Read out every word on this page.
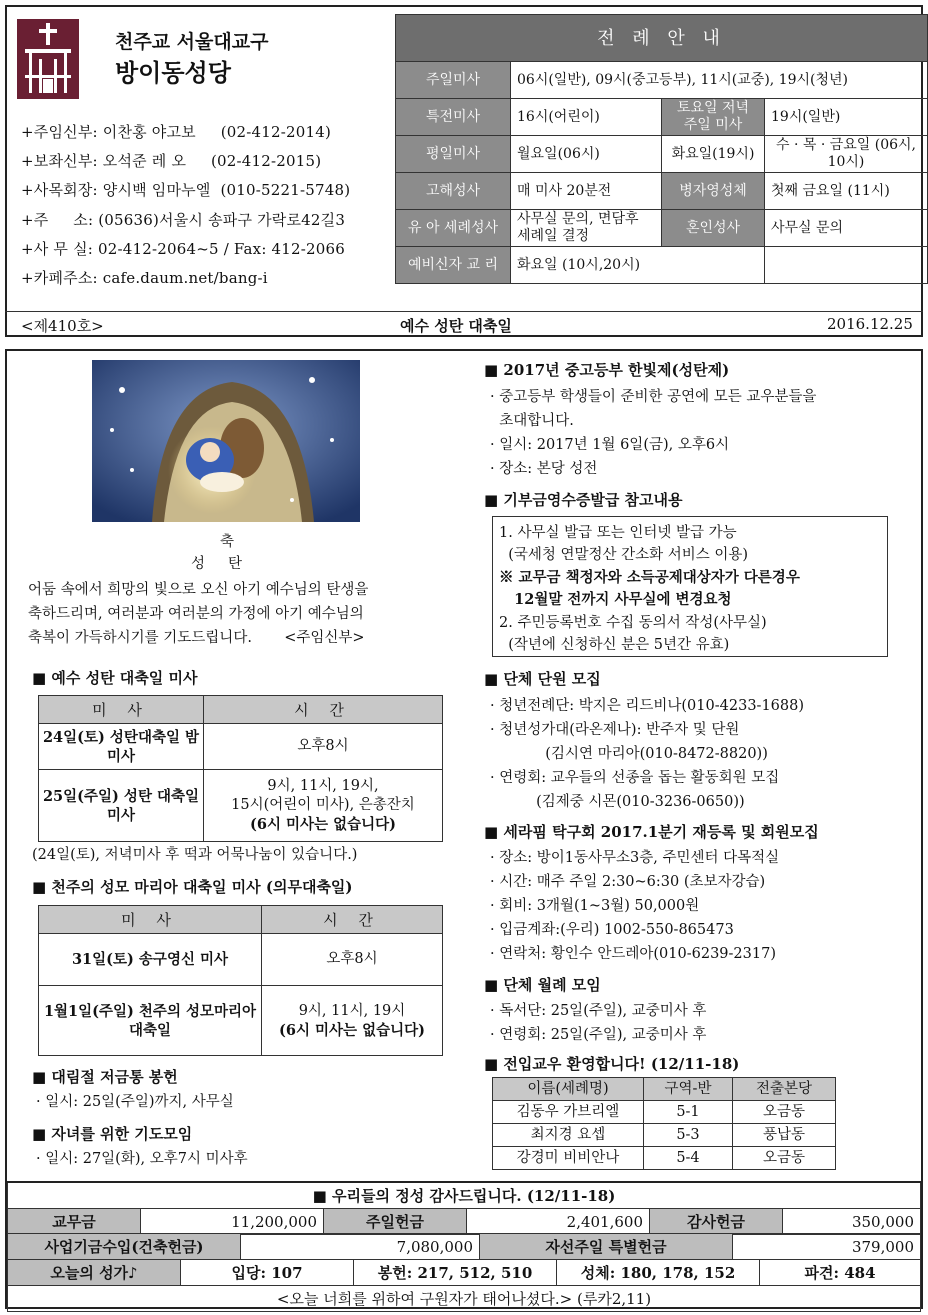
천주교 서울대교구
방이동성당
+주임신부: 이찬홍 야고보     (02-412-2014)
+보좌신부: 오석준 레 오     (02-412-2015)
+사목회장: 양시백 임마누엘  (010-5221-5748)
+주     소: (05636)서울시 송파구 가락로42길3
+사 무 실: 02-412-2064~5 / Fax: 412-2066
+카페주소: cafe.daum.net/bang-i
전 례 안 내			
주일미사	06시(일반), 09시(중고등부), 11시(교중), 19시(청년)		
특전미사	16시(어린이)	토요일 저녁 주일 미사	19시(일반)
평일미사	월요일(06시)	화요일(19시)	수 · 목 · 금요일 (06시, 10시)
고해성사	매 미사 20분전	병자영성체	첫째 금요일 (11시)
유 아 세례성사	사무실 문의, 면담후 세례일 결정	혼인성사	사무실 문의
예비신자 교 리	화요일 (10시,20시)		
<제410호>	예수 성탄 대축일	2016.12.25
축
성     탄
어둠 속에서 희망의 빛으로 오신 아기 예수님의 탄생을
축하드리며, 여러분과 여러분의 가정에 아기 예수님의
축복이 가득하시기를 기도드립니다.       <주임신부>
■ 예수 성탄 대축일 미사
미 사	시 간
24일(토) 성탄대축일 밤미사	오후8시
25일(주일) 성탄 대축일 미사	9시, 11시, 19시,
15시(어린이 미사), 은총잔치
(6시 미사는 없습니다)
(24일(토), 저녁미사 후 떡과 어묵나눔이 있습니다.)
■ 천주의 성모 마리아 대축일 미사 (의무대축일)
미 사	시 간
31일(토) 송구영신 미사	오후8시
1월1일(주일) 천주의 성모마리아 대축일	9시, 11시, 19시
(6시 미사는 없습니다)
■ 대림절 저금통 봉헌
· 일시: 25일(주일)까지, 사무실
■ 자녀를 위한 기도모임
· 일시: 27일(화), 오후7시 미사후
■ 2017년 중고등부 한빛제(성탄제)
· 중고등부 학생들이 준비한 공연에 모든 교우분들을
초대합니다.
· 일시: 2017년 1월 6일(금), 오후6시
· 장소: 본당 성전
■ 기부금영수증발급 참고내용
1. 사무실 발급 또는 인터넷 발급 가능
(국세청 연말정산 간소화 서비스 이용)
※ 교무금 책정자와 소득공제대상자가 다른경우
12월말 전까지 사무실에 변경요청
2. 주민등록번호 수집 동의서 작성(사무실)
(작년에 신청하신 분은 5년간 유효)
■ 단체 단원 모집
· 청년전례단: 박지은 리드비나(010-4233-1688)
· 청년성가대(라온제나): 반주자 및 단원
(김시연 마리아(010-8472-8820))
· 연령회: 교우들의 선종을 돕는 활동회원 모집
(김제중 시몬(010-3236-0650))
■ 세라핌 탁구회 2017.1분기 재등록 및 회원모집
· 장소: 방이1동사무소3층, 주민센터 다목적실
· 시간: 매주 주일 2:30~6:30 (초보자강습)
· 회비: 3개월(1~3월) 50,000원
· 입금계좌:(우리) 1002-550-865473
· 연락처: 황인수 안드레아(010-6239-2317)
■ 단체 월례 모임
· 독서단: 25일(주일), 교중미사 후
· 연령회: 25일(주일), 교중미사 후
■ 전입교우 환영합니다! (12/11-18)
이름(세례명)	구역-반	전출본당
김동우 가브리엘	5-1	오금동
최지경 요셉	5-3	풍납동
강경미 비비안나	5-4	오금동
■ 우리들의 정성 감사드립니다. (12/11-18)
교무금	11,200,000	주일헌금	2,401,600	감사헌금	350,000
사업기금수입(건축헌금)	7,080,000	자선주일 특별헌금	379,000

오늘의 성가♪	입당: 107	봉헌: 217, 512, 510	성체: 180, 178, 152	파견: 484

<오늘 너희를 위하여 구원자가 태어나셨다.> (루카2,11)
